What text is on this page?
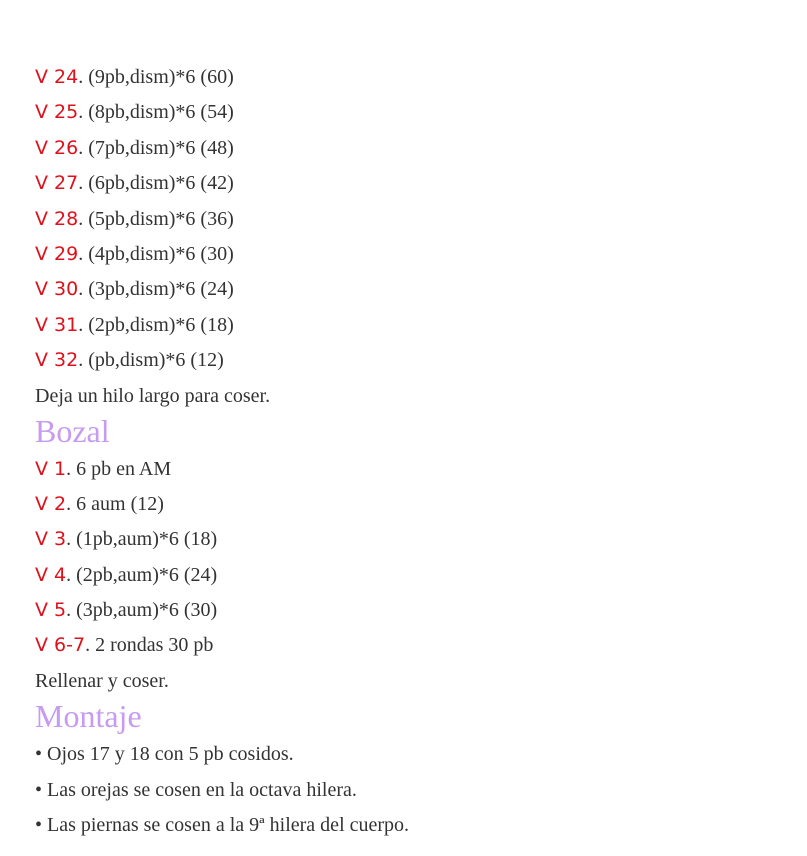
V 24. (9pb,dism)*6 (60)
V 25. (8pb,dism)*6 (54)
V 26. (7pb,dism)*6 (48)
V 27. (6pb,dism)*6 (42)
V 28. (5pb,dism)*6 (36)
V 29. (4pb,dism)*6 (30)
V 30. (3pb,dism)*6 (24)
V 31. (2pb,dism)*6 (18)
V 32. (pb,dism)*6 (12)
Deja un hilo largo para coser.
Bozal
V 1. 6 pb en AM
V 2. 6 aum (12)
V 3. (1pb,aum)*6 (18)
V 4. (2pb,aum)*6 (24)
V 5. (3pb,aum)*6 (30)
V 6-7. 2 rondas 30 pb
Rellenar y coser.
Montaje
• Ojos 17 y 18 con 5 pb cosidos.
• Las orejas se cosen en la octava hilera.
• Las piernas se cosen a la 9ª hilera del cuerpo.
